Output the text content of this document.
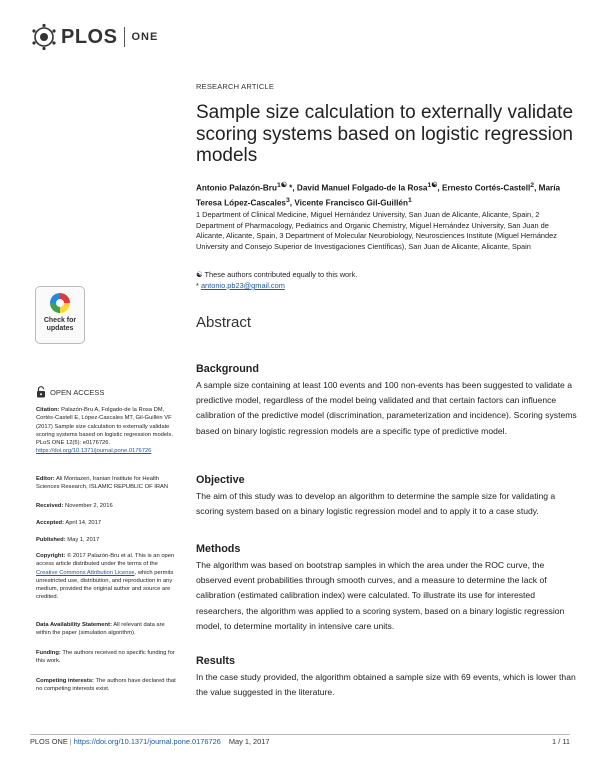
PLOS ONE
RESEARCH ARTICLE
Sample size calculation to externally validate scoring systems based on logistic regression models
Antonio Palazón-Bru$^{1☯}$ *, David Manuel Folgado-de la Rosa$^{1☯}$, Ernesto Cortés-Castell$^2$, María Teresa López-Cascales$^3$, Vicente Francisco Gil-Guillén$^1$
1 Department of Clinical Medicine, Miguel Hernández University, San Juan de Alicante, Alicante, Spain, 2 Department of Pharmacology, Pediatrics and Organic Chemistry, Miguel Hernández University, San Juan de Alicante, Alicante, Spain, 3 Department of Molecular Neurobiology, Neurosciences Institute (Miguel Hernández University and Consejo Superior de Investigaciones Científicas), San Juan de Alicante, Alicante, Spain
☯ These authors contributed equally to this work.
* antonio.pb23@gmail.com
Check for
updates
OPEN ACCESS
Citation: Palazón-Bru A, Folgado-de la Rosa DM, Cortés-Castell E, López-Cascales MT, Gil-Guillén VF (2017) Sample size calculation to externally validate scoring systems based on logistic regression models. PLoS ONE 12(5): e0176726. https://doi.org/10.1371/journal.pone.0176726
Editor: Ali Montazeri, Iranian Institute for Health Sciences Research, ISLAMIC REPUBLIC OF IRAN
Received: November 2, 2016
Accepted: April 14, 2017
Published: May 1, 2017
Copyright: © 2017 Palazón-Bru et al. This is an open access article distributed under the terms of the Creative Commons Attribution License, which permits unrestricted use, distribution, and reproduction in any medium, provided the original author and source are credited.
Data Availability Statement: All relevant data are within the paper (simulation algorithm).
Funding: The authors received no specific funding for this work.
Competing interests: The authors have declared that no competing interests exist.
Abstract
Background
A sample size containing at least 100 events and 100 non-events has been suggested to validate a predictive model, regardless of the model being validated and that certain factors can influence calibration of the predictive model (discrimination, parameterization and incidence). Scoring systems based on binary logistic regression models are a specific type of predictive model.
Objective
The aim of this study was to develop an algorithm to determine the sample size for validating a scoring system based on a binary logistic regression model and to apply it to a case study.
Methods
The algorithm was based on bootstrap samples in which the area under the ROC curve, the observed event probabilities through smooth curves, and a measure to determine the lack of calibration (estimated calibration index) were calculated. To illustrate its use for interested researchers, the algorithm was applied to a scoring system, based on a binary logistic regression model, to determine mortality in intensive care units.
Results
In the case study provided, the algorithm obtained a sample size with 69 events, which is lower than the value suggested in the literature.
PLOS ONE | https://doi.org/10.1371/journal.pone.0176726 May 1, 2017	1 / 11
